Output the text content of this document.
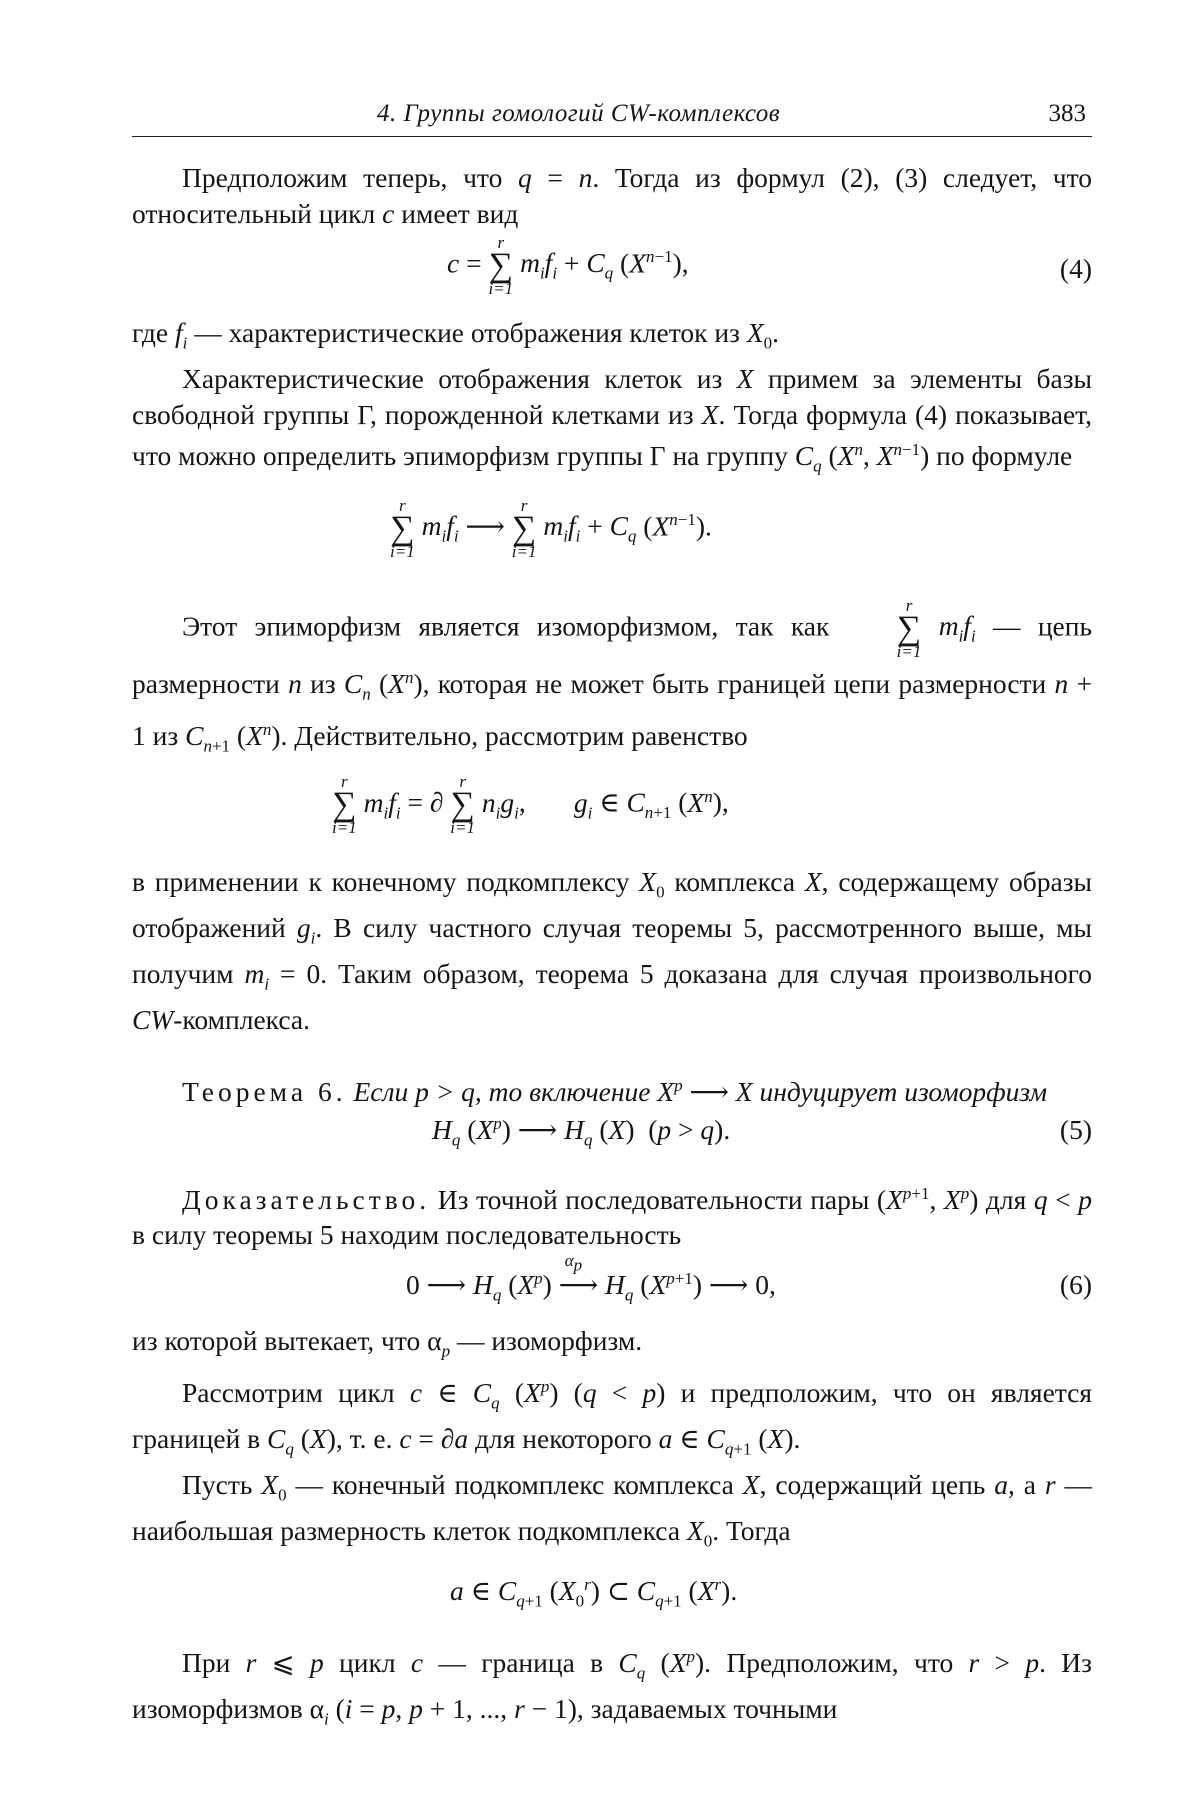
4. Группы гомологий CW-комплексов	383

Предположим теперь, что q = n. Тогда из формул (2), (3) следует, что относительный цикл c имеет вид

c =
r
∑
i=1
$m_if_i + C_q$ $(X^{n-1})$,	(4)

где $f_i$ — характеристические отображения клеток из $X_0$.

Характеристические отображения клеток из X примем за элементы базы свободной группы Γ, порожденной клетками из X. Тогда формула (4) показывает, что можно определить эпиморфизм группы Γ на группу $C_q$ ($X^n$, $X^{n-1}$) по формуле

r
∑
i=1
$m_if_i$ ⟶
r
∑
i=1
$m_if_i + C_q$ $(X^{n-1})$.

Этот эпиморфизм является изоморфизмом, так как
r
∑
i=1
$m_if_i$ — цепь размерности n из $C_n$ $(X^n)$, которая не может быть границей цепи размерности n + 1 из $C_{n+1}$ $(X^n)$. Действительно, рассмотрим равенство

r
∑
i=1
$m_if_i$ = ∂
r
∑
i=1
$n_ig_i$,       $g_i$ ∈ $C_{n+1}$ $(X^n)$,

в применении к конечному подкомплексу $X_0$ комплекса X, содержащему образы отображений $g_i$. В силу частного случая теоремы 5, рассмотренного выше, мы получим $m_i = 0$. Таким образом, теорема 5 доказана для случая произвольного CW-комплекса.

Теорема 6. Если p > q, то включение $X^p$ ⟶ X индуцирует изоморфизм

$H_q$ $(X^p)$ ⟶ $H_q$ (X)  (p > q).	(5)

Доказательство. Из точной последовательности пары ($X^{p+1}$, $X^p$) для q < p в силу теоремы 5 находим последовательность

0 ⟶ $H_q$ $(X^p)$
$\alpha_p$
⟶ $H_q$ $(X^{p+1})$ ⟶ 0,	(6)

из которой вытекает, что $\alpha_p$ — изоморфизм.

Рассмотрим цикл c ∈ $C_q$ $(X^p) (q < p)$ и предположим, что он является границей в $C_q$ (X), т. е. c = ∂a для некоторого a ∈ $C_{q+1}$ (X).

Пусть $X_0$ — конечный подкомплекс комплекса X, содержащий цепь a, а r — наибольшая размерность клеток подкомплекса $X_0$. Тогда

a ∈ $C_{q+1}$ $(X_0^r)$ ⊂ $C_{q+1}$ $(X^r)$.

При r ⩽ p цикл c — граница в $C_q$ $(X^p)$. Предположим, что r > p. Из изоморфизмов $\alpha_i$ (i = p, p + 1, ..., r − 1), задаваемых точными
